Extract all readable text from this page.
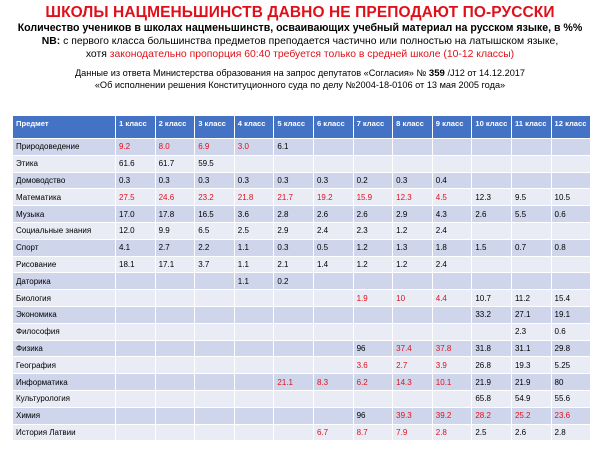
ШКОЛЫ НАЦМЕНЬШИНСТВ ДАВНО НЕ ПРЕПОДАЮТ ПО-РУССКИ
Количество учеников в школах нацменьшинств, осваивающих учебный материал на русском языке, в %%
NB: с первого класса большинства предметов преподается частично или полностью на латышском языке,
хотя законодательно пропорция 60:40 требуется только в средней школе (10-12 классы)
Данные из ответа Министерства образования на запрос депутатов «Согласия» № 359 /J12 от 14.12.2017
«Об исполнении решения Конституционного суда по делу №2004-18-0106 от 13 мая 2005 года»
Предмет	1 класс	2 класс	3 класс	4 класс	5 класс	6 класс	7 класс	8 класс	9 класс	10 класс	11 класс	12 класс
Природоведение	9.2	8.0	6.9	3.0	6.1							
Этика	61.6	61.7	59.5									
Домоводство	0.3	0.3	0.3	0.3	0.3	0.3	0.2	0.3	0.4			
Математика	27.5	24.6	23.2	21.8	21.7	19.2	15.9	12.3	4.5	12.3	9.5	10.5
Музыка	17.0	17.8	16.5	3.6	2.8	2.6	2.6	2.9	4.3	2.6	5.5	0.6
Социальные знания	12.0	9.9	6.5	2.5	2.9	2.4	2.3	1.2	2.4			
Спорт	4.1	2.7	2.2	1.1	0.3	0.5	1.2	1.3	1.8	1.5	0.7	0.8
Рисование	18.1	17.1	3.7	1.1	2.1	1.4	1.2	1.2	2.4			
Даторика				1.1	0.2							
Биология							1.9	10	4.4	10.7	11.2	15.4
Экономика										33.2	27.1	19.1
Философия											2.3	0.6
Физика							96	37.4	37.8	31.8	31.1	29.8
География							3.6	2.7	3.9	26.8	19.3	5.25
Информатика					21.1	8.3	6.2	14.3	10.1	21.9	21.9	80
Культурология										65.8	54.9	55.6
Химия							96	39.3	39.2	28.2	25.2	23.6
История Латвии						6.7	8.7	7.9	2.8	2.5	2.6	2.8
